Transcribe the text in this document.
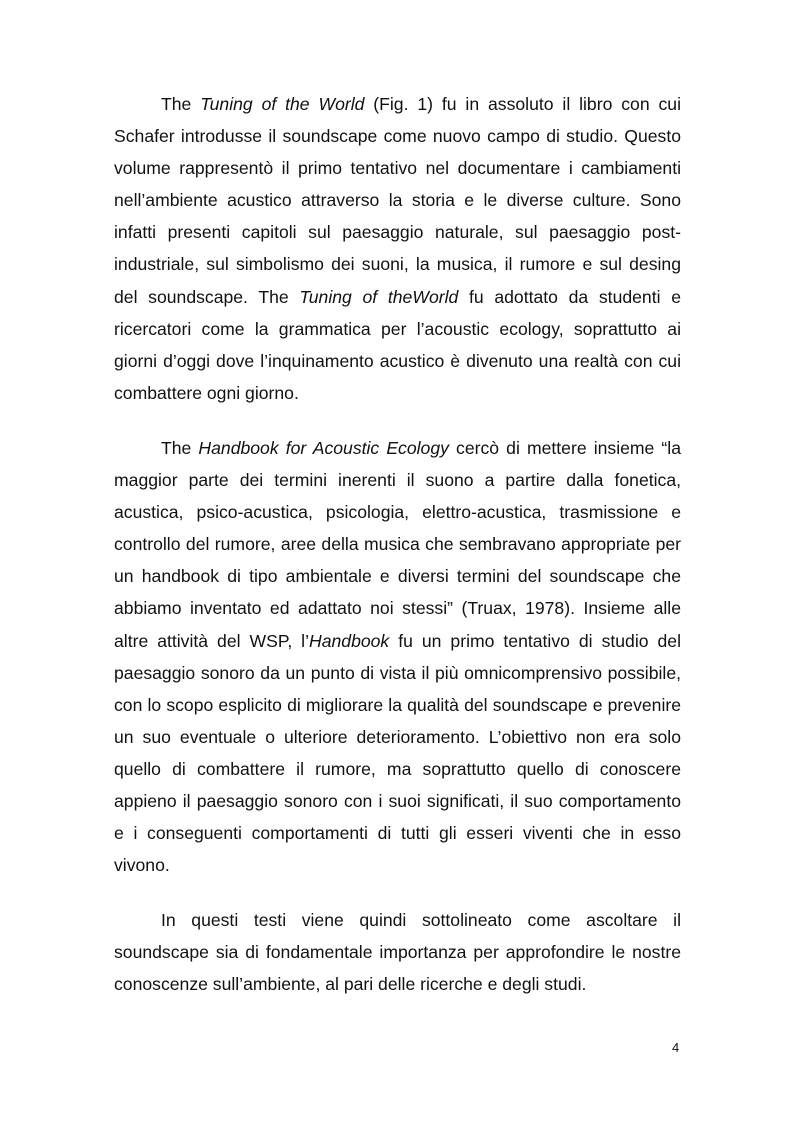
The Tuning of the World (Fig. 1) fu in assoluto il libro con cui Schafer introdusse il soundscape come nuovo campo di studio. Questo volume rappresentò il primo tentativo nel documentare i cambiamenti nell’ambiente acustico attraverso la storia e le diverse culture. Sono infatti presenti capitoli sul paesaggio naturale, sul paesaggio post-industriale, sul simbolismo dei suoni, la musica, il rumore e sul desing del soundscape. The Tuning of theWorld fu adottato da studenti e ricercatori come la grammatica per l’acoustic ecology, soprattutto ai giorni d’oggi dove l’inquinamento acustico è divenuto una realtà con cui combattere ogni giorno.

The Handbook for Acoustic Ecology cercò di mettere insieme “la maggior parte dei termini inerenti il suono a partire dalla fonetica, acustica, psico-acustica, psicologia, elettro-acustica, trasmissione e controllo del rumore, aree della musica che sembravano appropriate per un handbook di tipo ambientale e diversi termini del soundscape che abbiamo inventato ed adattato noi stessi” (Truax, 1978). Insieme alle altre attività del WSP, l’Handbook fu un primo tentativo di studio del paesaggio sonoro da un punto di vista il più omnicomprensivo possibile, con lo scopo esplicito di migliorare la qualità del soundscape e prevenire un suo eventuale o ulteriore deterioramento. L’obiettivo non era solo quello di combattere il rumore, ma soprattutto quello di conoscere appieno il paesaggio sonoro con i suoi significati, il suo comportamento e i conseguenti comportamenti di tutti gli esseri viventi che in esso vivono.

In questi testi viene quindi sottolineato come ascoltare il soundscape sia di fondamentale importanza per approfondire le nostre conoscenze sull’ambiente, al pari delle ricerche e degli studi.

4
